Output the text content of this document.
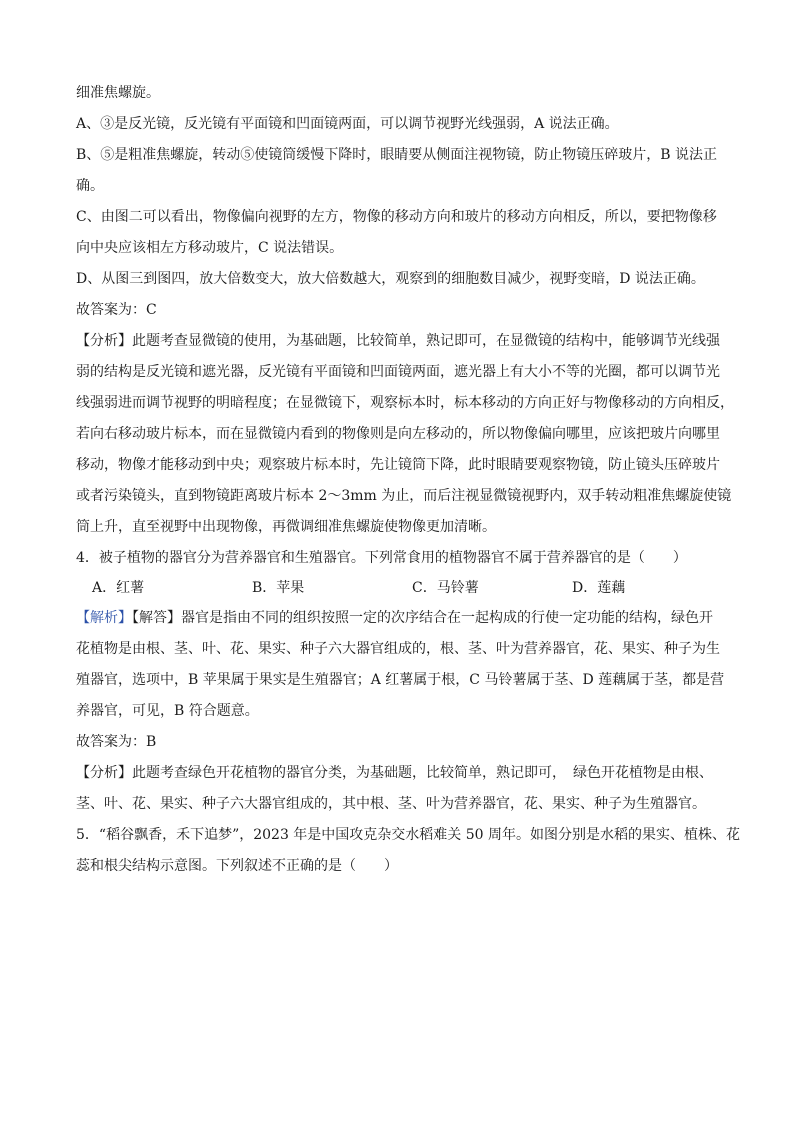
细准焦螺旋。

A、③是反光镜，反光镜有平面镜和凹面镜两面，可以调节视野光线强弱，A 说法正确。

B、⑤是粗准焦螺旋，转动⑤使镜筒缓慢下降时，眼睛要从侧面注视物镜，防止物镜压碎玻片，B 说法正

确。

C、由图二可以看出，物像偏向视野的左方，物像的移动方向和玻片的移动方向相反，所以，要把物像移

向中央应该相左方移动玻片，C 说法错误。

D、从图三到图四，放大倍数变大，放大倍数越大，观察到的细胞数目减少，视野变暗，D 说法正确。

故答案为：C

【分析】此题考查显微镜的使用，为基础题，比较简单，熟记即可，在显微镜的结构中，能够调节光线强

弱的结构是反光镜和遮光器，反光镜有平面镜和凹面镜两面，遮光器上有大小不等的光圈，都可以调节光

线强弱进而调节视野的明暗程度；在显微镜下，观察标本时，标本移动的方向正好与物像移动的方向相反，

若向右移动玻片标本，而在显微镜内看到的物像则是向左移动的，所以物像偏向哪里，应该把玻片向哪里

移动，物像才能移动到中央；观察玻片标本时，先让镜筒下降，此时眼睛要观察物镜，防止镜头压碎玻片

或者污染镜头，直到物镜距离玻片标本 2～3mm 为止，而后注视显微镜视野内，双手转动粗准焦螺旋使镜

筒上升，直至视野中出现物像，再微调细准焦螺旋使物像更加清晰。

4．被子植物的器官分为营养器官和生殖器官。下列常食用的植物器官不属于营养器官的是（　　）

A．红薯	B．苹果	C．马铃薯	D．莲藕

【解析】【解答】器官是指由不同的组织按照一定的次序结合在一起构成的行使一定功能的结构，绿色开

花植物是由根、茎、叶、花、果实、种子六大器官组成的，根、茎、叶为营养器官，花、果实、种子为生

殖器官，选项中，B 苹果属于果实是生殖器官；A 红薯属于根，C 马铃薯属于茎、D 莲藕属于茎，都是营

养器官，可见，B 符合题意。

故答案为：B

【分析】此题考查绿色开花植物的器官分类，为基础题，比较简单，熟记即可，　绿色开花植物是由根、

茎、叶、花、果实、种子六大器官组成的，其中根、茎、叶为营养器官，花、果实、种子为生殖器官。

5．“稻谷飘香，禾下追梦”，2023 年是中国攻克杂交水稻难关 50 周年。如图分别是水稻的果实、植株、花

蕊和根尖结构示意图。下列叙述不正确的是（　　）
